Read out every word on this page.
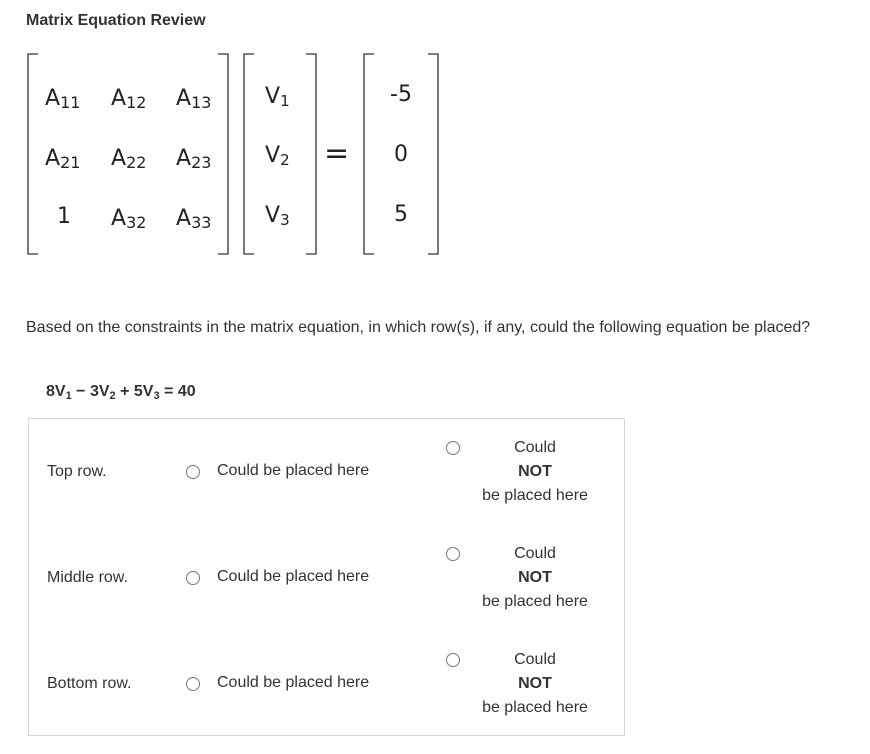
Matrix Equation Review
A11 A12 A13
A21 A22 A23
1 A32 A33
V1
V2
V3
=
-5
0
5
Based on the constraints in the matrix equation, in which row(s), if any, could the following equation be placed?
$8V_1 - 3V_2 + 5V_3 = 40$
Top row.	Could be placed here
Could
NOT
be placed here
Middle row.	Could be placed here
Could
NOT
be placed here
Bottom row.	Could be placed here
Could
NOT
be placed here
